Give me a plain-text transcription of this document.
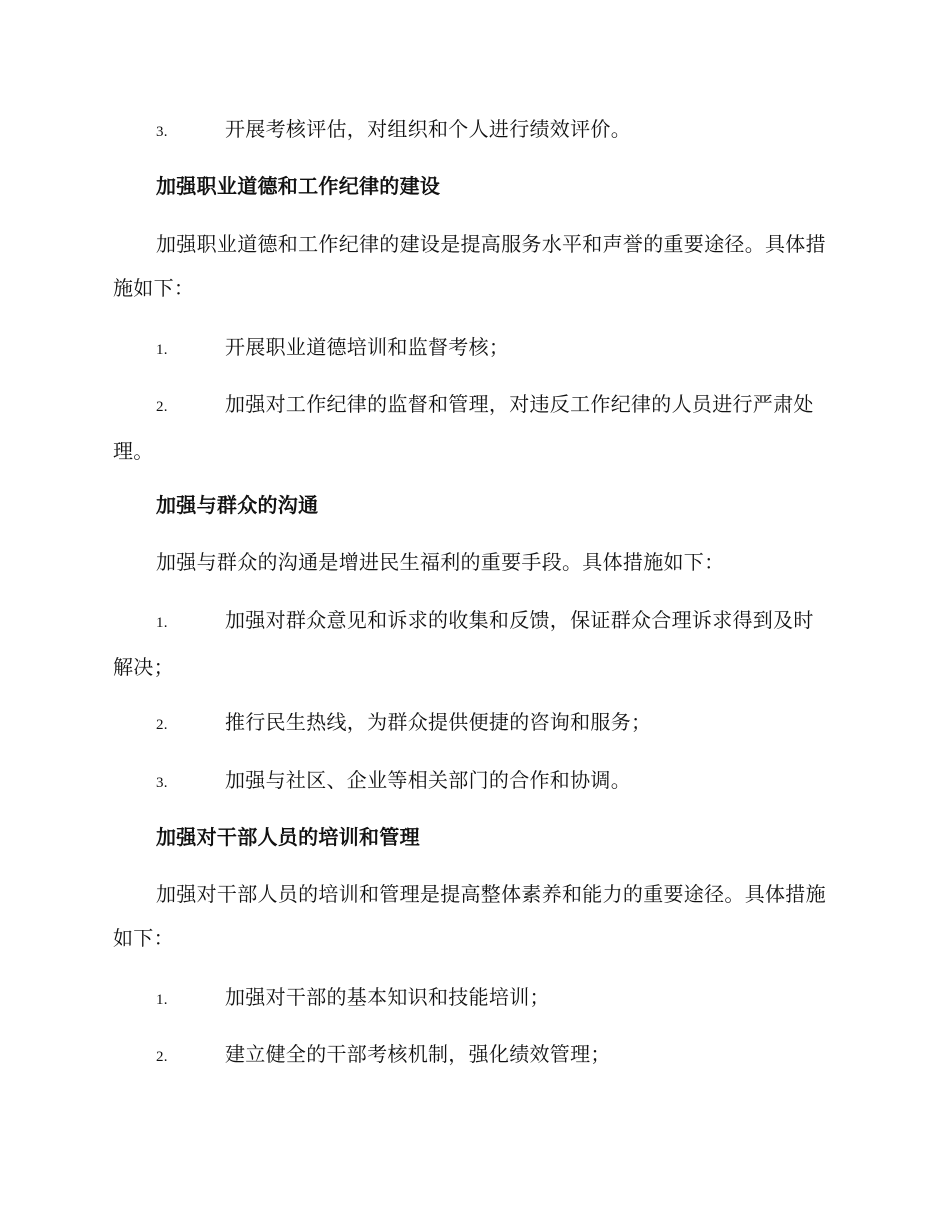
3.	开展考核评估，对组织和个人进行绩效评价。

加强职业道德和工作纪律的建设

加强职业道德和工作纪律的建设是提高服务水平和声誉的重要途径。具体措施如下：

1.	开展职业道德培训和监督考核；

2.	加强对工作纪律的监督和管理，对违反工作纪律的人员进行严肃处理。

加强与群众的沟通

加强与群众的沟通是增进民生福利的重要手段。具体措施如下：

1.	加强对群众意见和诉求的收集和反馈，保证群众合理诉求得到及时解决；

2.	推行民生热线，为群众提供便捷的咨询和服务；

3.	加强与社区、企业等相关部门的合作和协调。

加强对干部人员的培训和管理

加强对干部人员的培训和管理是提高整体素养和能力的重要途径。具体措施如下：

1.	加强对干部的基本知识和技能培训；

2.	建立健全的干部考核机制，强化绩效管理；
